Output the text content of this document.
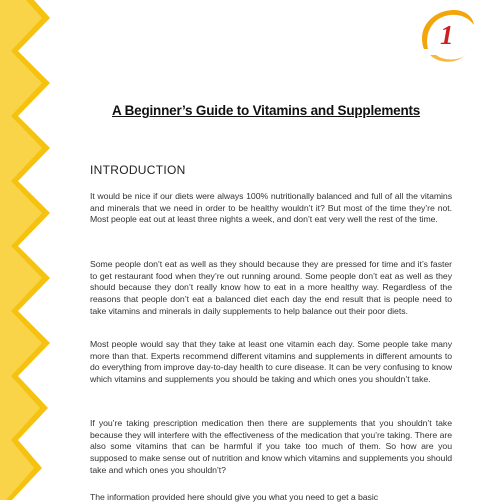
1
A Beginner’s Guide to Vitamins and Supplements
INTRODUCTION

It would be nice if our diets were always 100% nutritionally balanced and full of all the vitamins and minerals that we need in order to be healthy wouldn’t it? But most of the time they’re not. Most people eat out at least three nights a week, and don’t eat very well the rest of the time.

Some people don’t eat as well as they should because they are pressed for time and it’s faster to get restaurant food when they’re out running around. Some people don’t eat as well as they should because they don’t really know how to eat in a more healthy way. Regardless of the reasons that people don’t eat a balanced diet each day the end result that is people need to take vitamins and minerals in daily supplements to help balance out their poor diets.

Most people would say that they take at least one vitamin each day. Some people take many more than that. Experts recommend different vitamins and supplements in different amounts to do everything from improve day-to-day health to cure disease. It can be very confusing to know which vitamins and supplements you should be taking and which ones you shouldn’t take.

If you’re taking prescription medication then there are supplements that you shouldn’t take because they will interfere with the effectiveness of the medication that you’re taking. There are also some vitamins that can be harmful if you take too much of them. So how are you supposed to make sense out of nutrition and know which vitamins and supplements you should take and which ones you shouldn’t?

The information provided here should give you what you need to get a basic
